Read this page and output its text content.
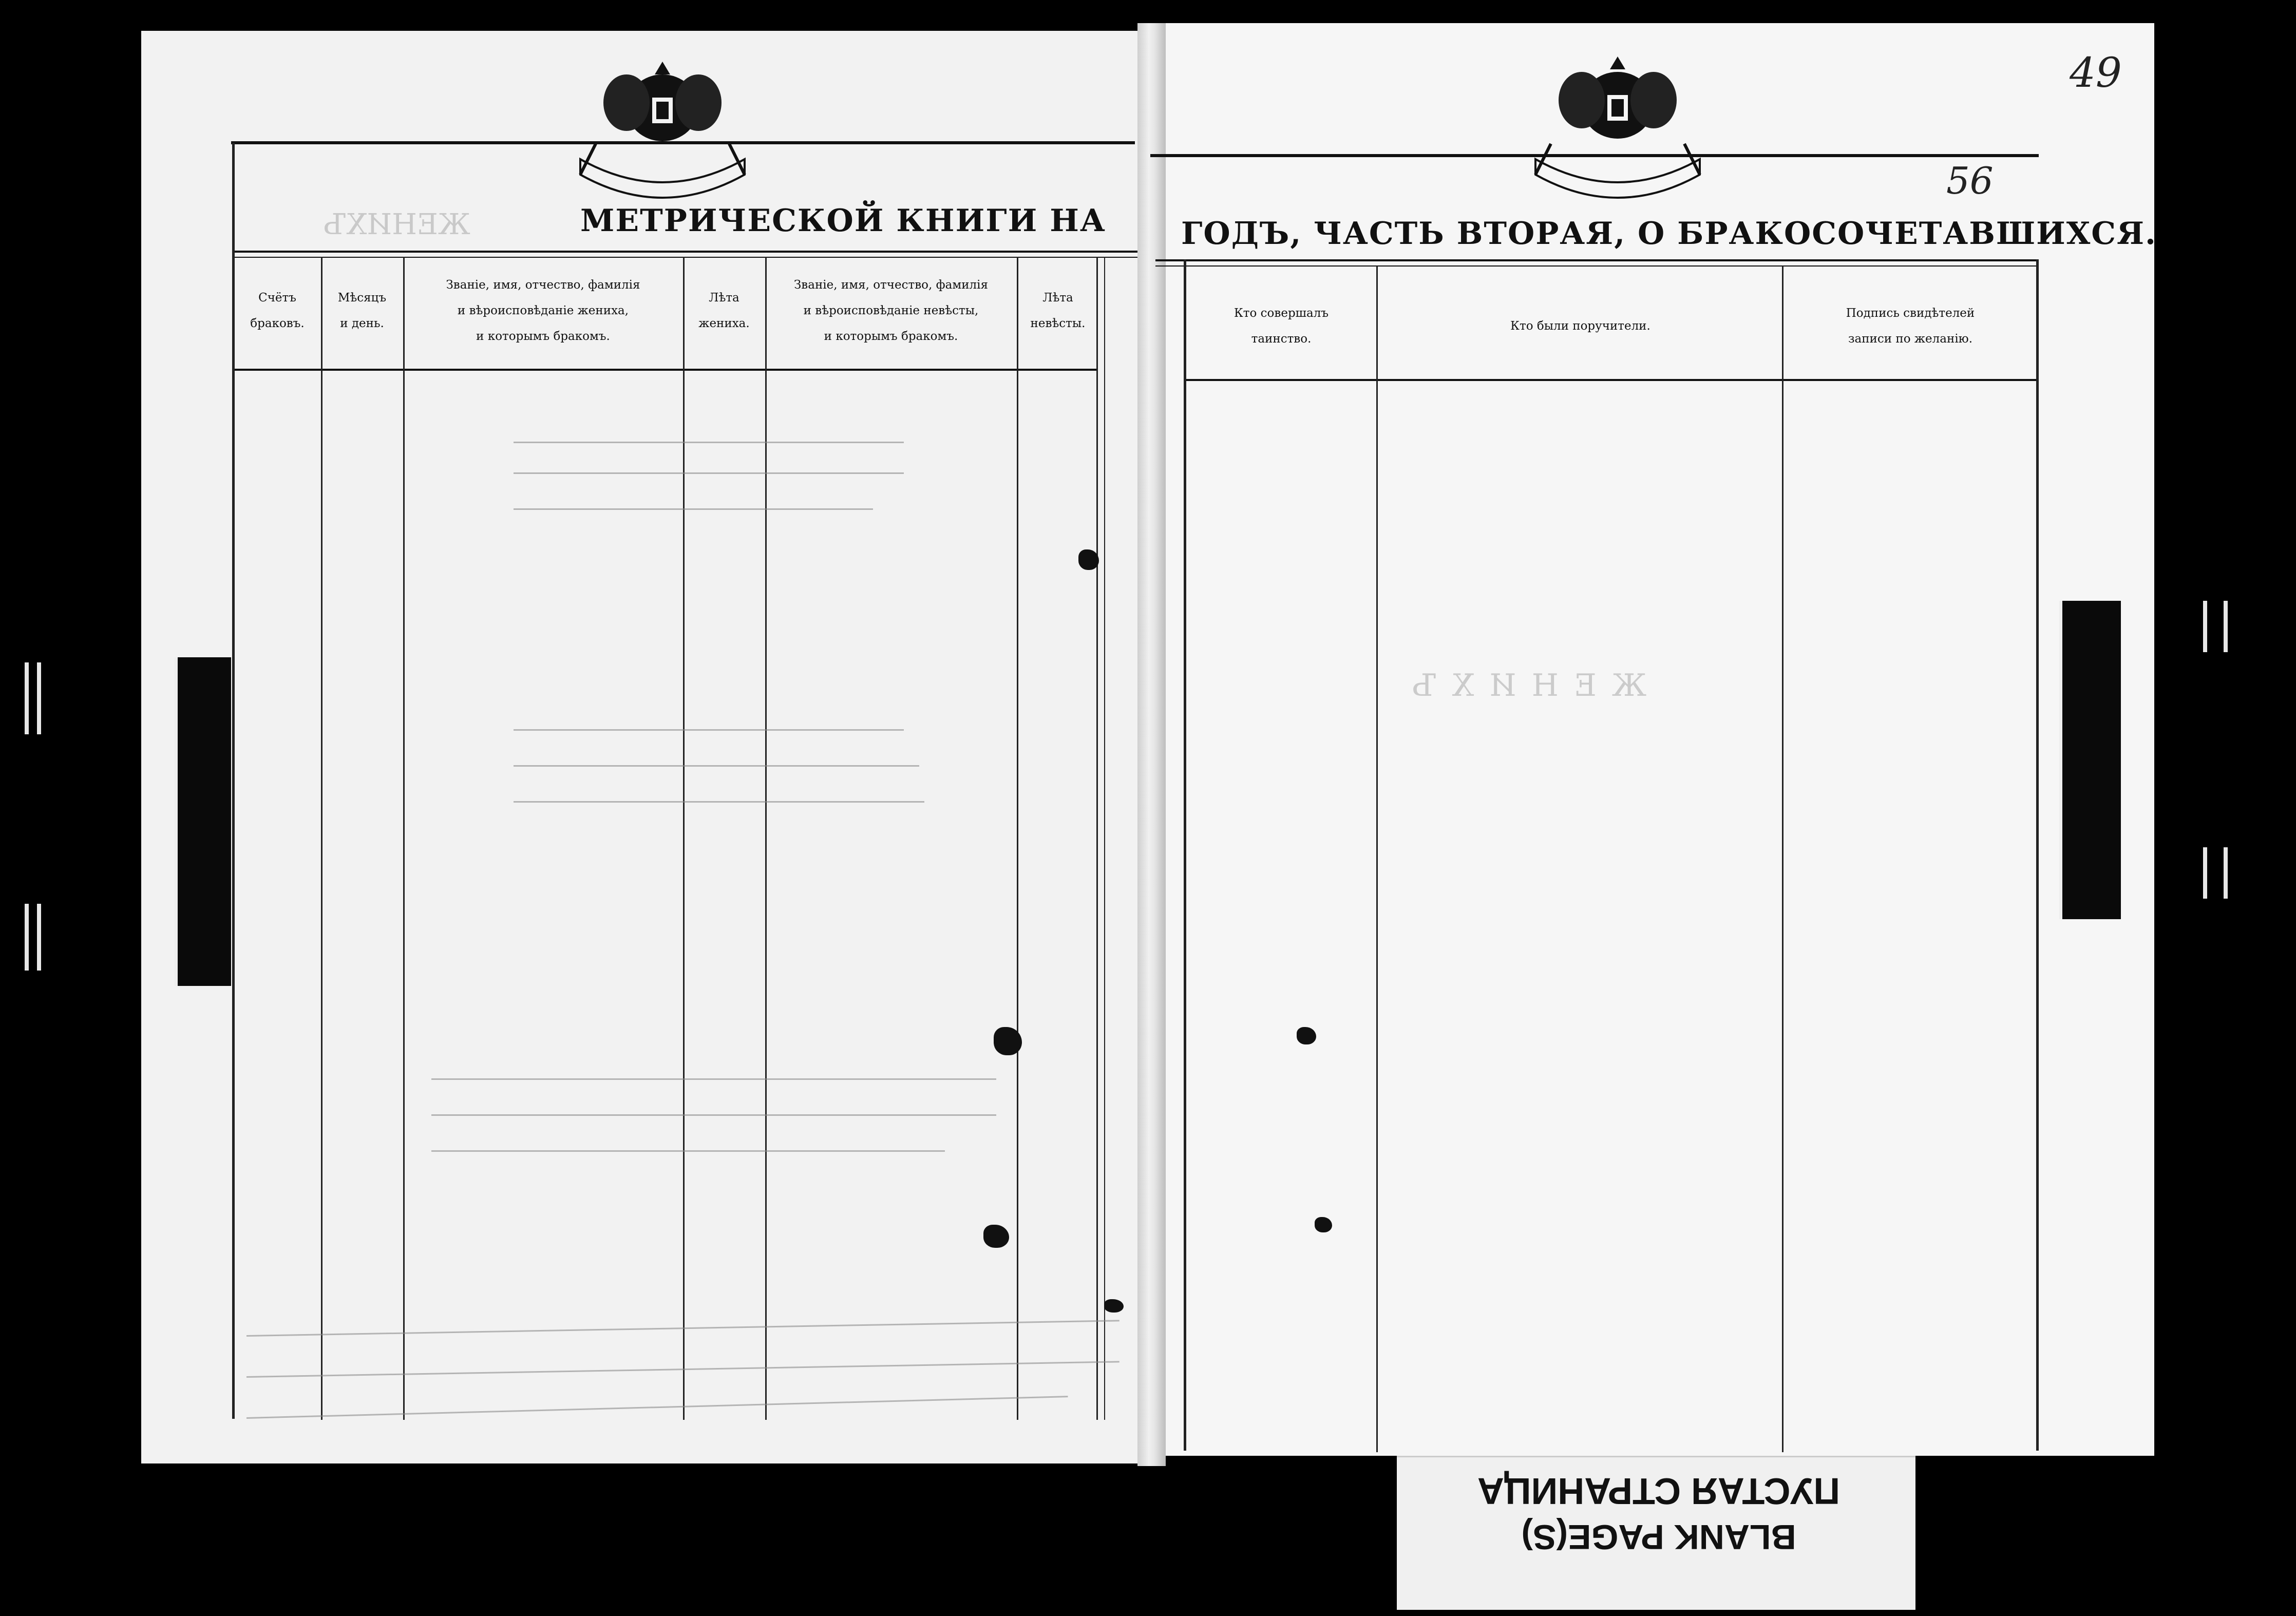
49
56
ЖЕНИХЪ
ЖЕНИХЪ
МЕТРИЧЕСКОЙ КНИГИ НА ГОДЪ, ЧАСТЬ ВТОРАЯ, О БРАКОСОЧЕТАВШИХСЯ.
Счётъ
браковъ.
Мѣсяцъ
и день.
Званіе, имя, отчество, фамилія
и вѣроисповѣданіе жениха,
и которымъ бракомъ.
Лѣта
жениха.
Званіе, имя, отчество, фамилія
и вѣроисповѣданіе невѣсты,
и которымъ бракомъ.
Лѣта
невѣсты.
Кто совершалъ
таинство.
Кто были поручители.
Подпись свидѣтелей
записи по желанію.
BLANK PAGE(S)
ПУСТАЯ СТРАНИЦА
